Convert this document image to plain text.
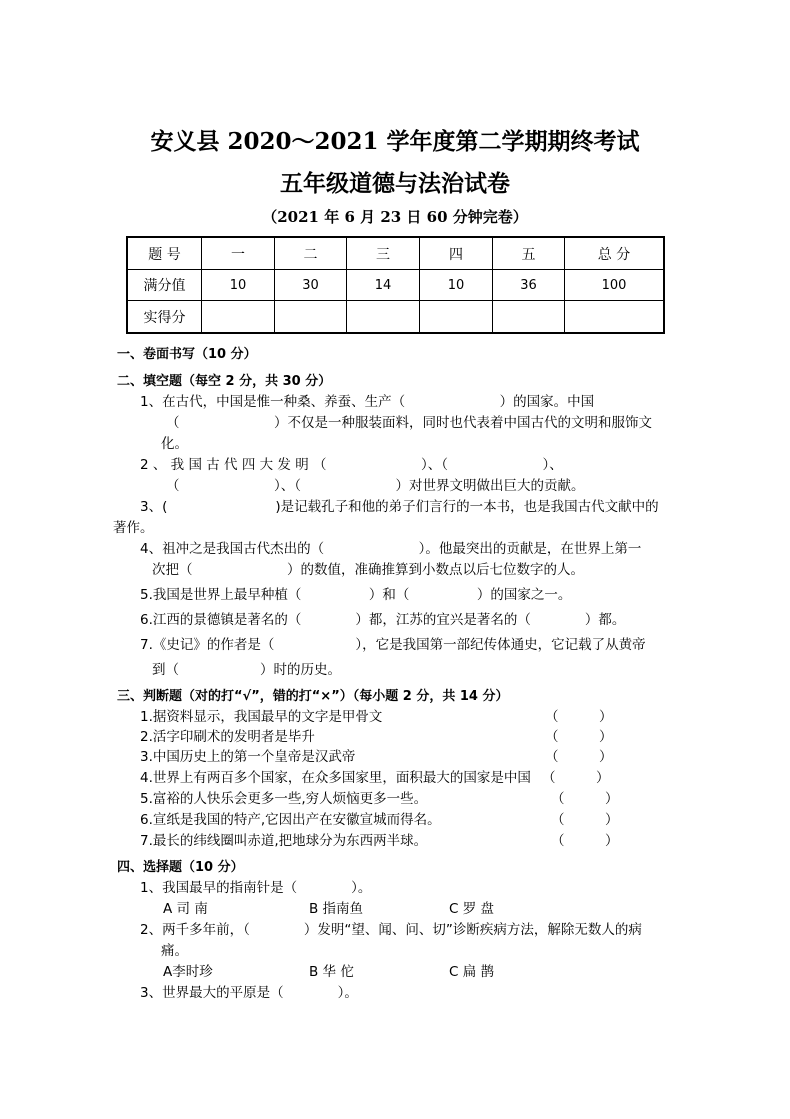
安义县 2020～2021 学年度第二学期期终考试
五年级道德与法治试卷
（2021 年 6 月 23 日 60 分钟完卷）
题 号	一	二	三	四	五	总 分
满分值	10	30	14	10	36	100
实得分						
一、卷面书写（10 分）
二、填空题（每空 2 分，共 30 分）
1、在古代，中国是惟一种桑、养蚕、生产（　　　　　　　）的国家。中国
（　　　　　　　）不仅是一种服装面料，同时也代表着中国古代的文明和服饰文
化。
2 、 我 国 古 代 四 大 发 明 （　　　　　　　）、（　　　　　　　）、
（　　　　　　　）、（　　　　　　　）对世界文明做出巨大的贡献。
3、(　　　　　　　　)是记载孔子和他的弟子们言行的一本书，也是我国古代文献中的
著作。
4、祖冲之是我国古代杰出的（　　　　　　　）。他最突出的贡献是，在世界上第一
次把（　　　　　　　）的数值，准确推算到小数点以后七位数字的人。
5.我国是世界上最早种植（　　　　　）和（　　　　　）的国家之一。
6.江西的景德镇是著名的（　　　　）都，江苏的宜兴是著名的（　　　　）都。
7.《史记》的作者是（　　　　　　），它是我国第一部纪传体通史，它记载了从黄帝
到（　　　　　　）时的历史。
三、判断题（对的打“√”，错的打“×”）（每小题 2 分，共 14 分）
1.据资料显示，我国最早的文字是甲骨文	（　　　）
2.活字印刷术的发明者是毕升	（　　　）
3.中国历史上的第一个皇帝是汉武帝	（　　　）
4.世界上有两百多个国家，在众多国家里，面积最大的国家是中国 （　　　）
5.富裕的人快乐会更多一些,穷人烦恼更多一些。	（　　　）
6.宣纸是我国的特产,它因出产在安徽宣城而得名。	（　　　）
7.最长的纬线圈叫赤道,把地球分为东西两半球。	（　　　）
四、选择题（10 分）
1、我国最早的指南针是（　　　　）。
A 司 南	B 指南鱼	C 罗 盘
2、两千多年前，（　　　　）发明“望、闻、问、切”诊断疾病方法，解除无数人的病
痛。
A李时珍	B 华 佗	C 扁 鹊
3、世界最大的平原是（　　　　）。
